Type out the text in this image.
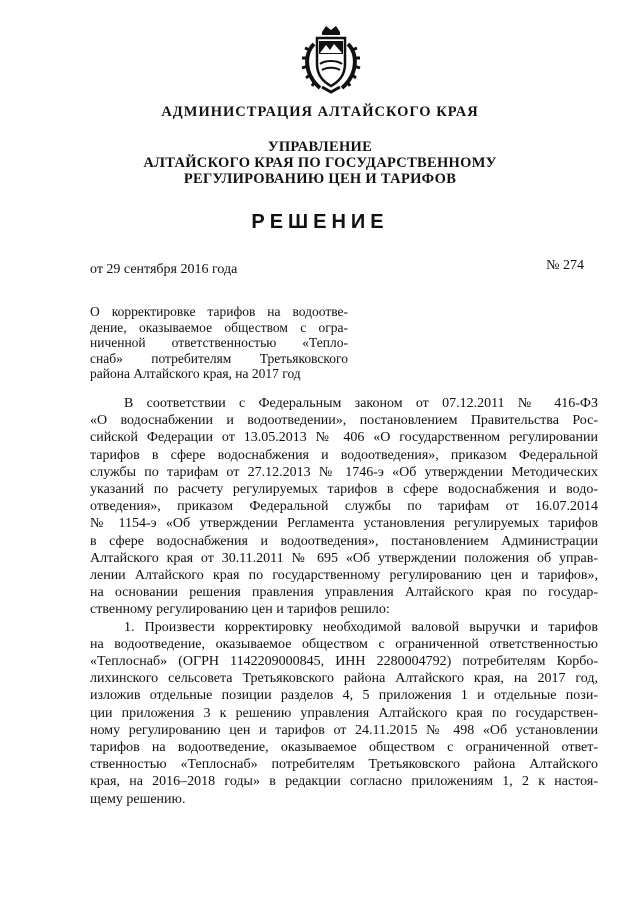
АДМИНИСТРАЦИЯ АЛТАЙСКОГО КРАЯ
УПРАВЛЕНИЕ
АЛТАЙСКОГО КРАЯ ПО ГОСУДАРСТВЕННОМУ
РЕГУЛИРОВАНИЮ ЦЕН И ТАРИФОВ
РЕШЕНИЕ
от 29 сентября 2016 года	№ 274
О корректировке тарифов на водоотве-
дение, оказываемое обществом с огра-
ниченной ответственностью «Тепло-
снаб» потребителям Третьяковского
района Алтайского края, на 2017 год
В соответствии с Федеральным законом от 07.12.2011 № 416-ФЗ
«О водоснабжении и водоотведении», постановлением Правительства Рос-
сийской Федерации от 13.05.2013 № 406 «О государственном регулировании
тарифов в сфере водоснабжения и водоотведения», приказом Федеральной
службы по тарифам от 27.12.2013 № 1746-э «Об утверждении Методических
указаний по расчету регулируемых тарифов в сфере водоснабжения и водо-
отведения», приказом Федеральной службы по тарифам от 16.07.2014
№ 1154-э «Об утверждении Регламента установления регулируемых тарифов
в сфере водоснабжения и водоотведения», постановлением Администрации
Алтайского края от 30.11.2011 № 695 «Об утверждении положения об управ-
лении Алтайского края по государственному регулированию цен и тарифов»,
на основании решения правления управления Алтайского края по государ-
ственному регулированию цен и тарифов решило:
1. Произвести корректировку необходимой валовой выручки и тарифов
на водоотведение, оказываемое обществом с ограниченной ответственностью
«Теплоснаб» (ОГРН 1142209000845, ИНН 2280004792) потребителям Корбо-
лихинского сельсовета Третьяковского района Алтайского края, на 2017 год,
изложив отдельные позиции разделов 4, 5 приложения 1 и отдельные пози-
ции приложения 3 к решению управления Алтайского края по государствен-
ному регулированию цен и тарифов от 24.11.2015 № 498 «Об установлении
тарифов на водоотведение, оказываемое обществом с ограниченной ответ-
ственностью «Теплоснаб» потребителям Третьяковского района Алтайского
края, на 2016–2018 годы» в редакции согласно приложениям 1, 2 к настоя-
щему решению.
